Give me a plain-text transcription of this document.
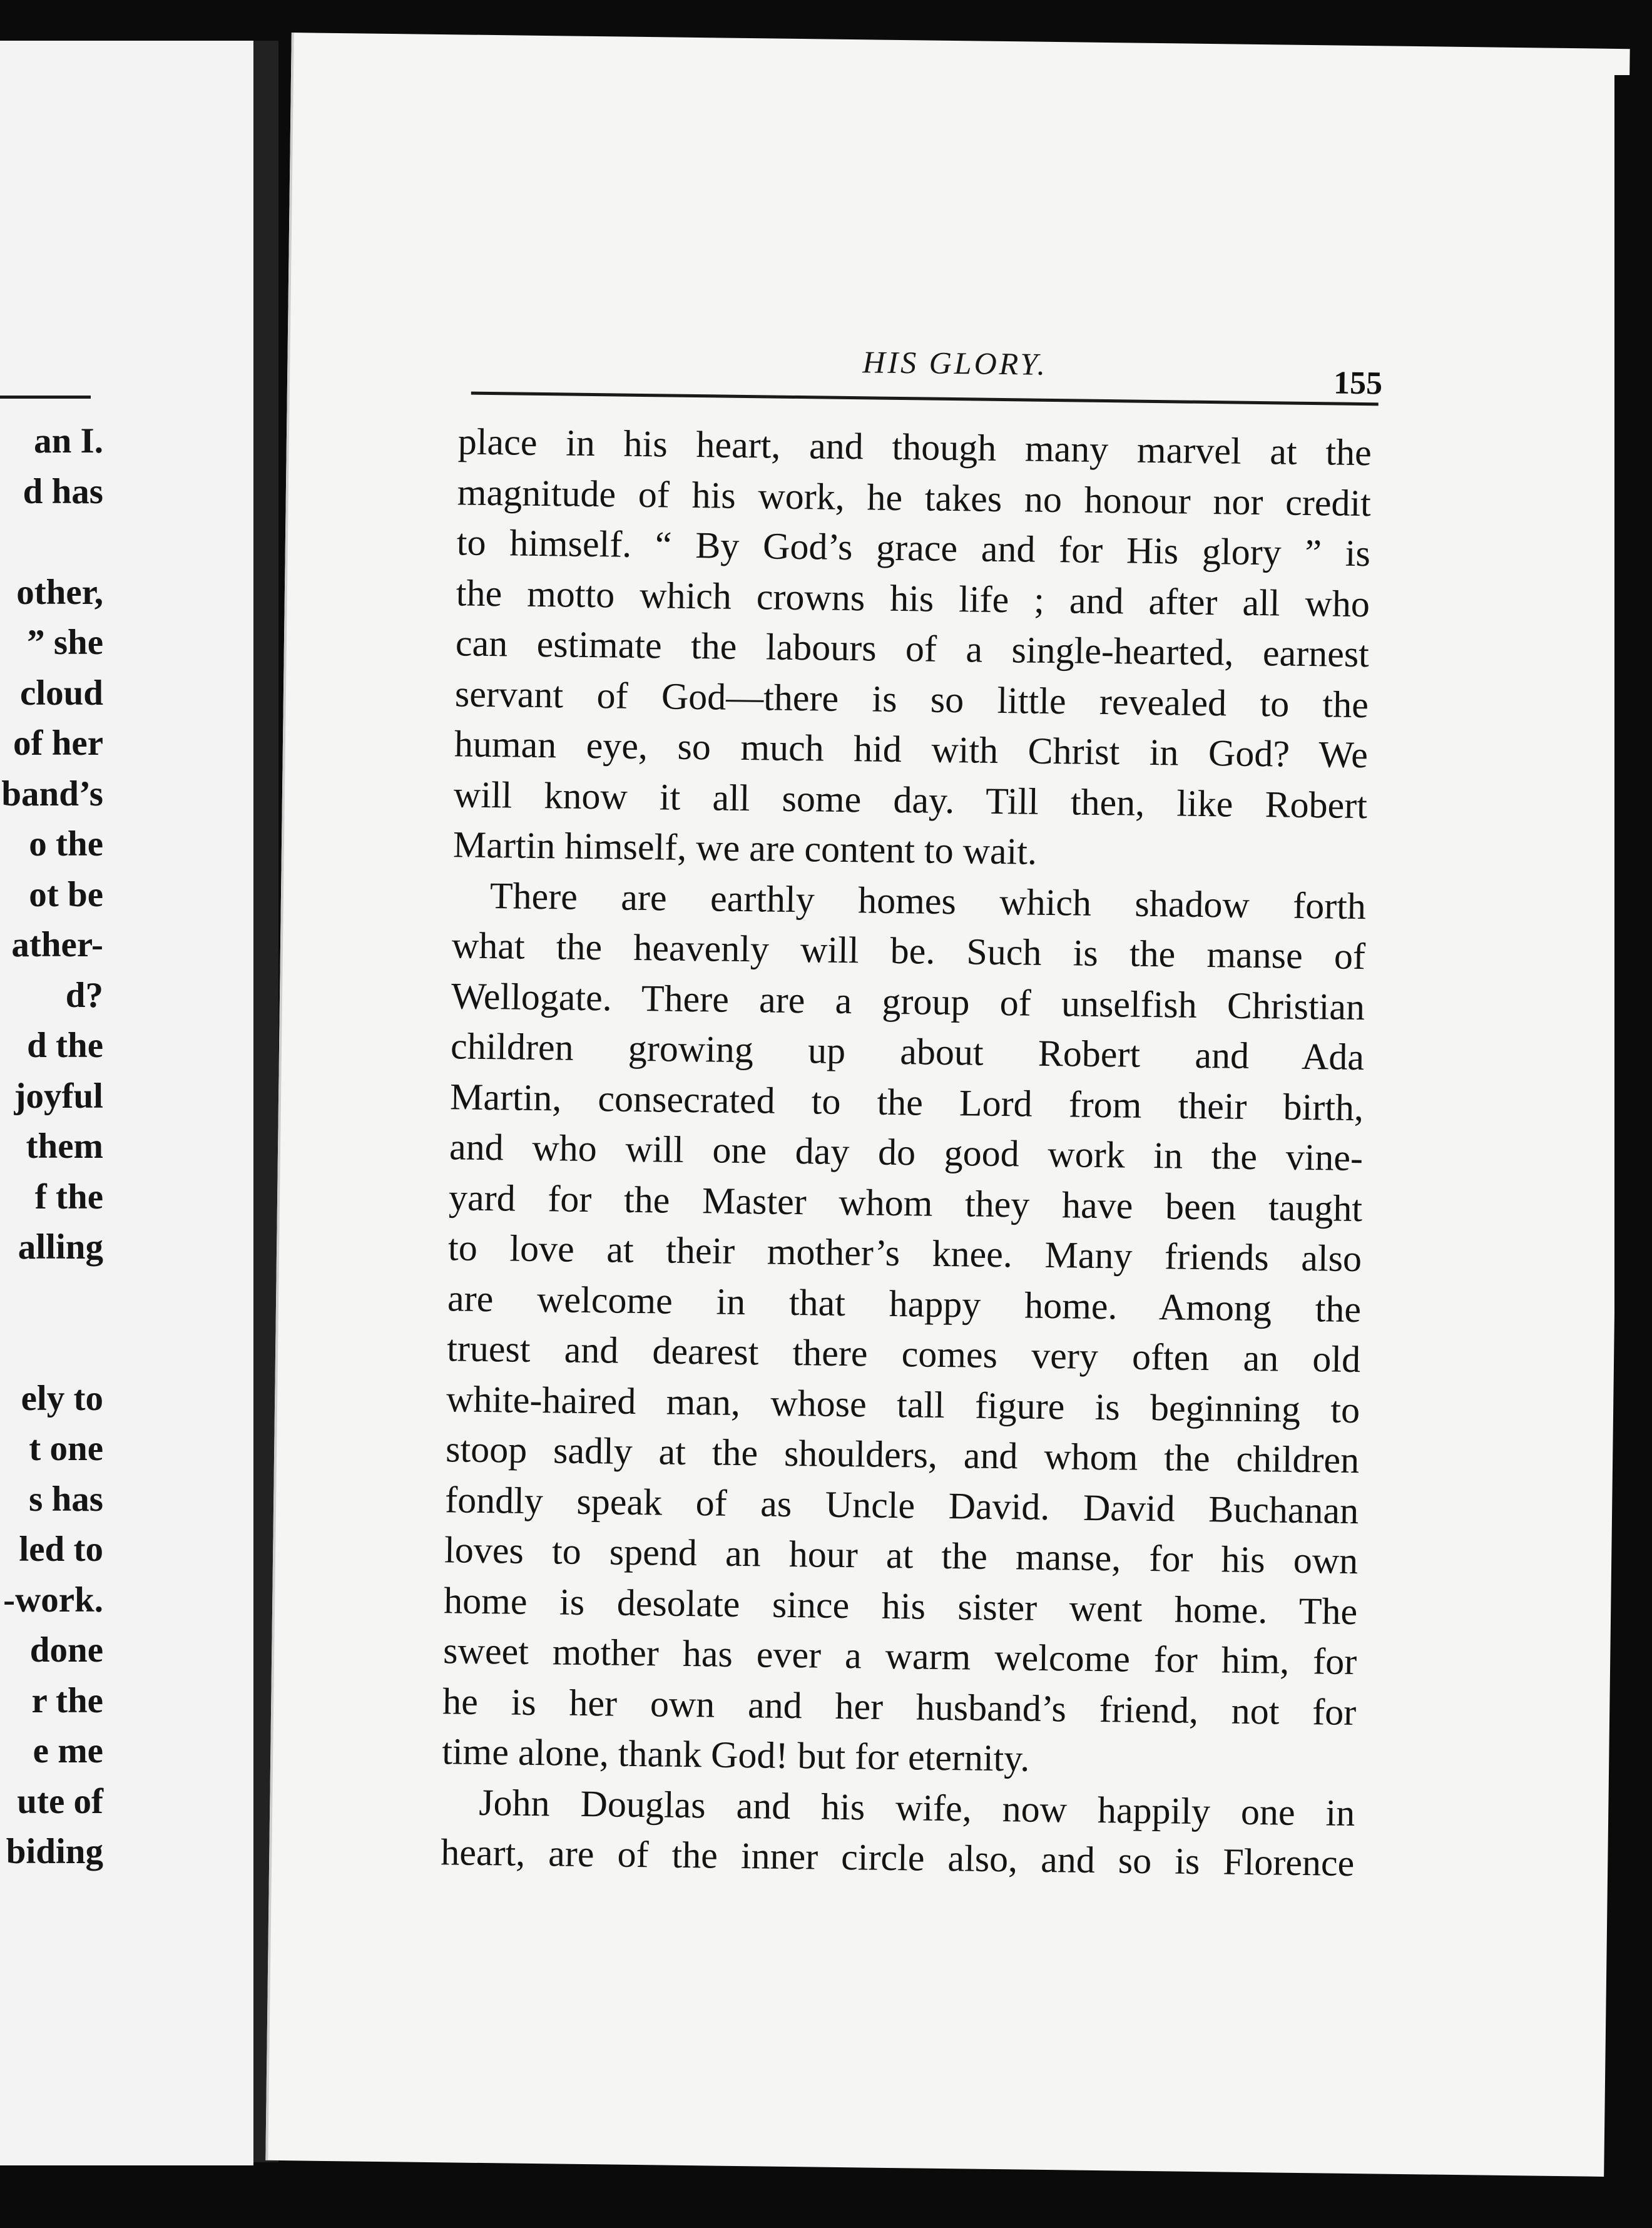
an I.
d has
other,
” she
cloud
of her
band’s
o the
ot be
ather-
d?
d the
joyful
them
f the
alling
ely to
t one
s has
led to
-work.
done
r the
e me
ute of
biding
HIS GLORY.
155
place in his heart, and though many marvel at the
magnitude of his work, he takes no honour nor credit
to himself. “ By God’s grace and for His glory ” is
the motto which crowns his life ; and after all who
can estimate the labours of a single-hearted, earnest
servant of God—there is so little revealed to the
human eye, so much hid with Christ in God? We
will know it all some day. Till then, like Robert
Martin himself, we are content to wait.
There are earthly homes which shadow forth
what the heavenly will be. Such is the manse of
Wellogate. There are a group of unselfish Christian
children growing up about Robert and Ada
Martin, consecrated to the Lord from their birth,
and who will one day do good work in the vine-
yard for the Master whom they have been taught
to love at their mother’s knee. Many friends also
are welcome in that happy home. Among the
truest and dearest there comes very often an old
white-haired man, whose tall figure is beginning to
stoop sadly at the shoulders, and whom the children
fondly speak of as Uncle David. David Buchanan
loves to spend an hour at the manse, for his own
home is desolate since his sister went home. The
sweet mother has ever a warm welcome for him, for
he is her own and her husband’s friend, not for
time alone, thank God! but for eternity.
John Douglas and his wife, now happily one in
heart, are of the inner circle also, and so is Florence
